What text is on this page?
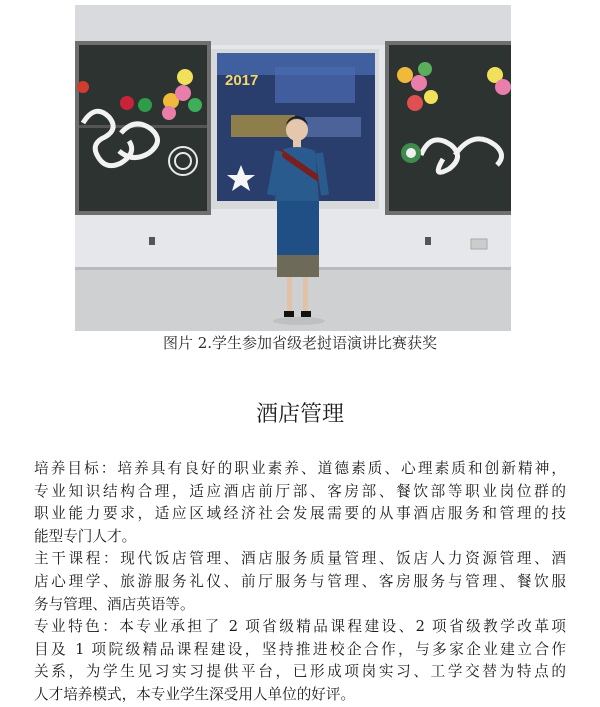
2017
图片 2.学生参加省级老挝语演讲比赛获奖
酒店管理
培养目标：培养具有良好的职业素养、道德素质、心理素质和创新精神，
专业知识结构合理，适应酒店前厅部、客房部、餐饮部等职业岗位群的
职业能力要求，适应区域经济社会发展需要的从事酒店服务和管理的技
能型专门人才。
主干课程：现代饭店管理、酒店服务质量管理、饭店人力资源管理、酒
店心理学、旅游服务礼仪、前厅服务与管理、客房服务与管理、餐饮服
务与管理、酒店英语等。
专业特色：本专业承担了 2 项省级精品课程建设、2 项省级教学改革项
目及 1 项院级精品课程建设，坚持推进校企合作，与多家企业建立合作
关系，为学生见习实习提供平台，已形成项岗实习、工学交替为特点的
人才培养模式，本专业学生深受用人单位的好评。
